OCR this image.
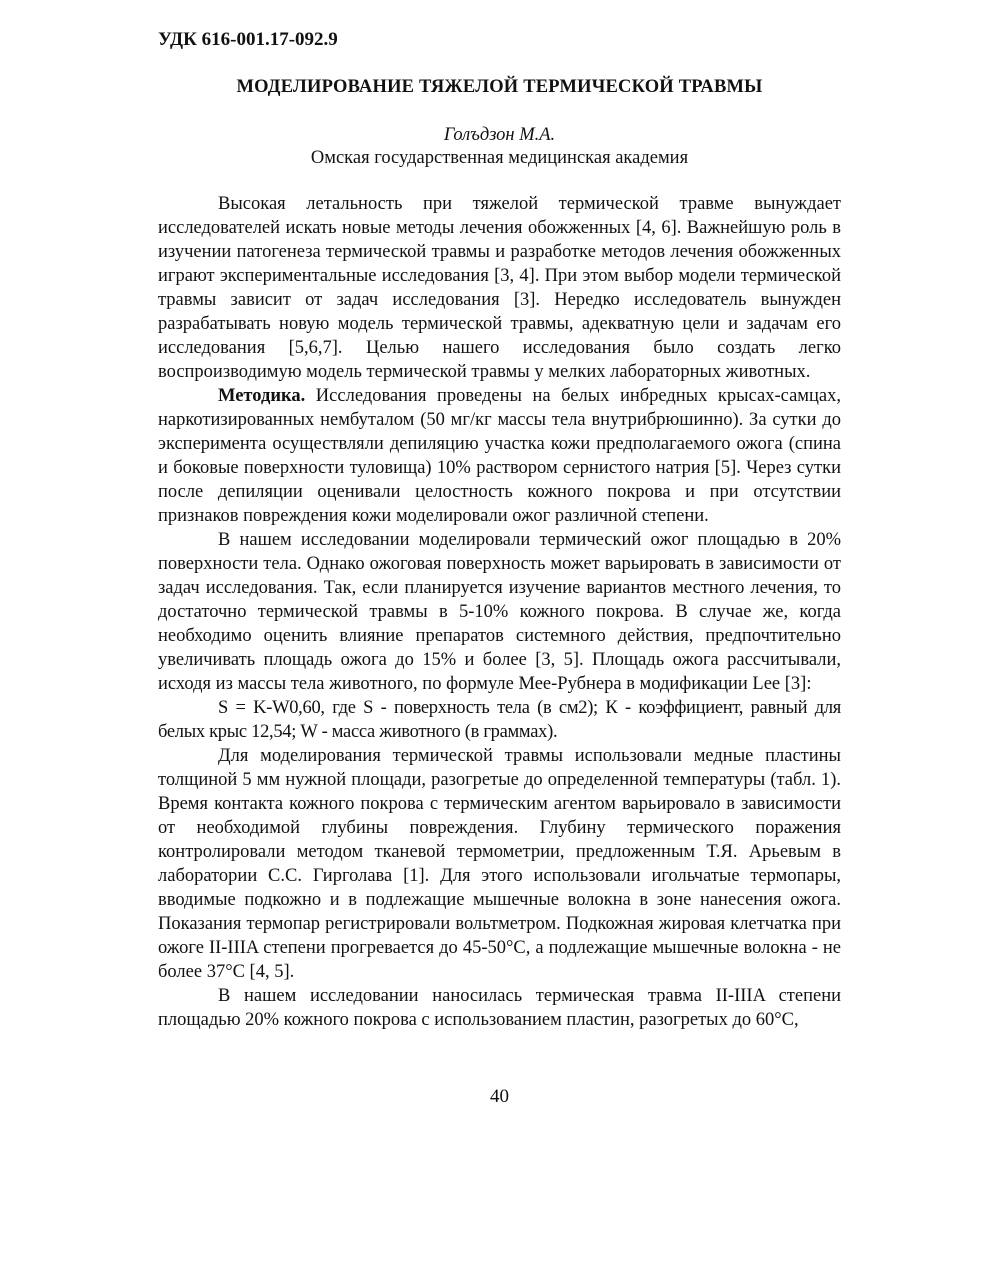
УДК 616-001.17-092.9
МОДЕЛИРОВАНИЕ ТЯЖЕЛОЙ ТЕРМИЧЕСКОЙ ТРАВМЫ
Голъдзон М.А.
Омская государственная медицинская академия

Высокая летальность при тяжелой термической травме вынуждает исследователей искать новые методы лечения обожженных [4, 6]. Важнейшую роль в изучении патогенеза термической травмы и разработке методов лечения обожженных играют экспериментальные исследования [3, 4]. При этом выбор модели термической травмы зависит от задач исследования [3]. Нередко исследователь вынужден разрабатывать новую модель термической травмы, адекватную цели и задачам его исследования [5,6,7]. Целью нашего исследования было создать легко воспроизводимую модель термической травмы у мелких лабораторных животных.

Методика. Исследования проведены на белых инбредных крысах-самцах, наркотизированных нембуталом (50 мг/кг массы тела внутрибрюшинно). За сутки до эксперимента осуществляли депиляцию участка кожи предполагаемого ожога (спина и боковые поверхности туловища) 10% раствором сернистого натрия [5]. Через сутки после депиляции оценивали целостность кожного покрова и при отсутствии признаков повреждения кожи моделировали ожог различной степени.

В нашем исследовании моделировали термический ожог площадью в 20% поверхности тела. Однако ожоговая поверхность может варьировать в зависимости от задач исследования. Так, если планируется изучение вариантов местного лечения, то достаточно термической травмы в 5-10% кожного покрова. В случае же, когда необходимо оценить влияние препаратов системного действия, предпочтительно увеличивать площадь ожога до 15% и более [3, 5]. Площадь ожога рассчитывали, исходя из массы тела животного, по формуле Мее-Рубнера в модификации Lee [3]:

S = K-W0,60, где S - поверхность тела (в см2); К - коэффициент, равный для белых крыс 12,54; W - масса животного (в граммах).

Для моделирования термической травмы использовали медные пластины толщиной 5 мм нужной площади, разогретые до определенной температуры (табл. 1). Время контакта кожного покрова с термическим агентом варьировало в зависимости от необходимой глубины повреждения. Глубину термического поражения контролировали методом тканевой термометрии, предложенным Т.Я. Арьевым в лаборатории С.С. Гирголава [1]. Для этого использовали игольчатые термопары, вводимые подкожно и в подлежащие мышечные волокна в зоне нанесения ожога. Показания термопар регистрировали вольтметром. Подкожная жировая клетчатка при ожоге II-IIIA степени прогревается до 45-50°С, а подлежащие мышечные волокна - не более 37°С [4, 5].

В нашем исследовании наносилась термическая травма II-IIIA степени площадью 20% кожного покрова с использованием пластин, разогретых до 60°С,

40
